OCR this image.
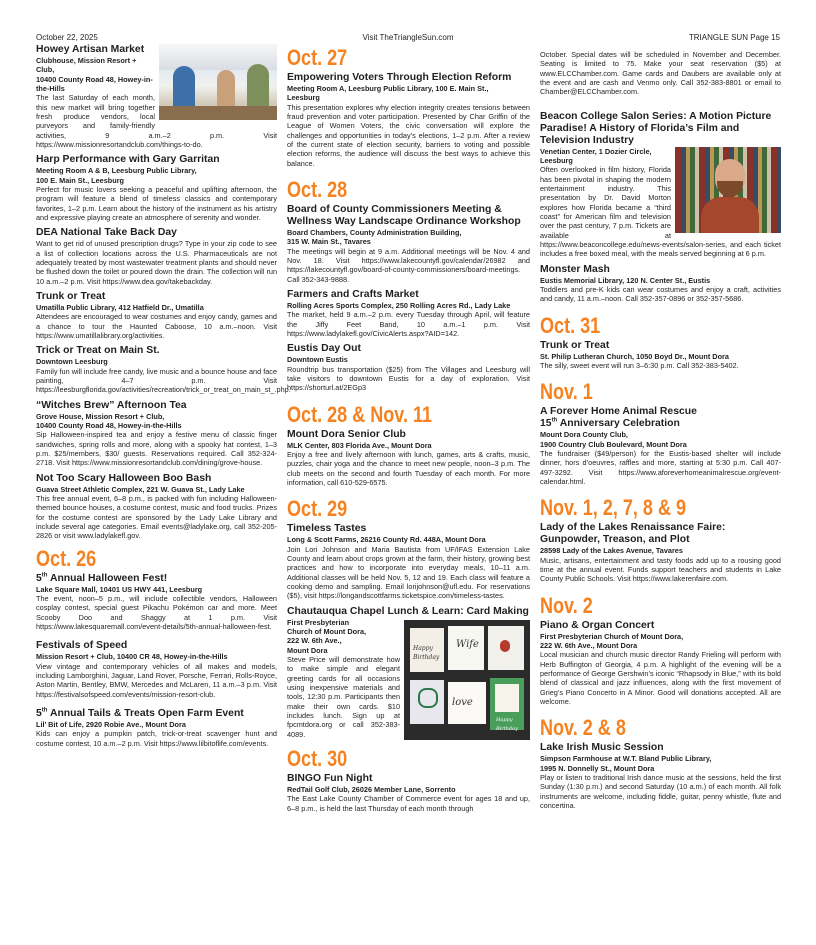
October 22, 2025	Visit TheTriangleSun.com	TRIANGLE SUN Page 15
Howey Artisan Market

Clubhouse, Mission Resort + Club,
10400 County Road 48, Howey-in-
the-Hills

The last Saturday of each month, this new market will bring together fresh produce vendors, local purveyors and family-friendly activities, 9 a.m.–2 p.m. Visit https://www.missionresortandclub.com/things-to-do.

Harp Performance with Gary Garritan

Meeting Room A & B, Leesburg Public Library,
100 E. Main St., Leesburg

Perfect for music lovers seeking a peaceful and uplifting afternoon, the program will feature a blend of timeless classics and contemporary favorites, 1–2 p.m. Learn about the history of the instrument as his artistry and expressive playing create an atmosphere of serenity and wonder.

DEA National Take Back Day

Want to get rid of unused prescription drugs? Type in your zip code to see a list of collection locations across the U.S. Pharmaceuticals are not adequately treated by most wastewater treatment plants and should never be flushed down the toilet or poured down the drain. The collection will run 10 a.m.–2 p.m. Visit https://www.dea.gov/takebackday.

Trunk or Treat

Umatilla Public Library, 412 Hatfield Dr., Umatilla

Attendees are encouraged to wear costumes and enjoy candy, games and a chance to tour the Haunted Caboose, 10 a.m.–noon. Visit https://www.umatillalibrary.org/activities.

Trick or Treat on Main St.

Downtown Leesburg

Family fun will include free candy, live music and a bounce house and face painting, 4–7 p.m. Visit https://leesburgflorida.gov/activities/recreation/trick_or_treat_on_main_st_.php.

“Witches Brew” Afternoon Tea

Grove House, Mission Resort + Club,
10400 County Road 48, Howey-in-the-Hills

Sip Halloween-inspired tea and enjoy a festive menu of classic finger sandwiches, spring rolls and more, along with a spooky hat contest, 1–3 p.m. $25/members, $30/ guests. Reservations required. Call 352-324-2718. Visit https://www.missionresortandclub.com/dining/grove-house.

Not Too Scary Halloween Boo Bash

Guava Street Athletic Complex, 221 W. Guava St., Lady Lake

This free annual event, 6–8 p.m., is packed with fun including Halloween-themed bounce houses, a costume contest, music and food trucks. Prizes for the costume contest are sponsored by the Lady Lake Library and include several age categories. Email events@ladylake.org, call 352-205-2826 or visit www.ladylakefl.gov.

Oct. 26
5th Annual Halloween Fest!

Lake Square Mall, 10401 US HWY 441, Leesburg

The event, noon–5 p.m., will include collectible vendors, Halloween cosplay contest, special guest Pikachu Pokémon car and more. Meet Scooby Doo and Shaggy at 1 p.m. Visit https://www.lakesquaremall.com/event-details/5th-annual-halloween-fest.

Festivals of Speed

Mission Resort + Club, 10400 CR 48, Howey-in-the-Hills

View vintage and contemporary vehicles of all makes and models, including Lamborghini, Jaguar, Land Rover, Porsche, Ferrari, Rolls-Royce, Aston Martin, Bentley, BMW, Mercedes and McLaren, 11 a.m.–3 p.m. Visit https://festivalsofspeed.com/events/mission-resort-club.

5th Annual Tails & Treats Open Farm Event

Lil’ Bit of Life, 2920 Robie Ave., Mount Dora

Kids can enjoy a pumpkin patch, trick-or-treat scavenger hunt and costume contest, 10 a.m.–2 p.m. Visit https://www.lilbitoflife.com/events.

Oct. 27
Empowering Voters Through Election Reform

Meeting Room A, Leesburg Public Library, 100 E. Main St.,
Leesburg

This presentation explores why election integrity creates tensions between fraud prevention and voter participation. Presented by Char Griffin of the League of Women Voters, the civic conversation will explore the challenges and opportunities in today’s elections, 1–2 p.m. After a review of the current state of election security, barriers to voting and possible election reforms, the audience will discuss the best ways to achieve this balance.

Oct. 28
Board of County Commissioners Meeting & Wellness Way Landscape Ordinance Workshop

Board Chambers, County Administration Building,
315 W. Main St., Tavares

The meetings will begin at 9 a.m. Additional meetings will be Nov. 4 and Nov. 18. Visit https://www.lakecountyfl.gov/calendar/26982 and https://lakecountyfl.gov/board-of-county-commissioners/board-meetings. Call 352-343-9888.

Farmers and Crafts Market

Rolling Acres Sports Complex, 250 Rolling Acres Rd., Lady Lake

The market, held 9 a.m.–2 p.m. every Tuesday through April, will feature the Jiffy Feet Band, 10 a.m.–1 p.m. Visit https://www.ladylakefl.gov/CivicAlerts.aspx?AID=142.

Eustis Day Out

Downtown Eustis

Roundtrip bus transportation ($25) from The Villages and Leesburg will take visitors to downtown Eustis for a day of exploration. Visit https://shorturl.at/2EGp3

Oct. 28 & Nov. 11
Mount Dora Senior Club

MLK Center, 803 Florida Ave., Mount Dora

Enjoy a free and lively afternoon with lunch, games, arts & crafts, music, puzzles, chair yoga and the chance to meet new people, noon–3 p.m. The club meets on the second and fourth Tuesday of each month. For more information, call 610-529-6575.

Oct. 29
Timeless Tastes

Long & Scott Farms, 26216 County Rd. 448A, Mount Dora

Join Lori Johnson and Maria Bautista from UF/IFAS Extension Lake County and learn about crops grown at the farm, their history, growing best practices and how to incorporate into everyday meals, 10–11 a.m. Additional classes will be held Nov. 5, 12 and 19. Each class will feature a cooking demo and sampling. Email lorijohnson@ufl.edu. For reservations ($5), visit https://longandscottfarms.ticketspice.com/timeless-tastes.

Chautauqua Chapel Lunch & Learn: Card Making
Happy Birthday
Wife
love
Happy Birthday

First Presbyterian
Church of Mount Dora,
222 W. 6th Ave.,
Mount Dora

Steve Price will demonstrate how to make simple and elegant greeting cards for all occasions using inexpensive materials and tools, 12:30 p.m. Participants then make their own cards. $10 includes lunch. Sign up at fpcmtdora.org or call 352-383-4089.

Oct. 30
BINGO Fun Night

RedTail Golf Club, 26026 Member Lane, Sorrento

The East Lake County Chamber of Commerce event for ages 18 and up, 6–8 p.m., is held the last Thursday of each month through

October. Special dates will be scheduled in November and December. Seating is limited to 75. Make your seat reservation ($5) at www.ELCChamber.com. Game cards and Daubers are available only at the event and are cash and Venmo only. Call 352-383-8801 or email to Chamber@ELCChamber.com.

Beacon College Salon Series: A Motion Picture Paradise! A History of Florida’s Film and Television Industry

Venetian Center, 1 Dozier Circle,
Leesburg

Often overlooked in film history, Florida has been pivotal in shaping the modern entertainment industry. This presentation by Dr. David Morton explores how Florida became a “third coast” for American film and television over the past century, 7 p.m. Tickets are available at https://www.beaconcollege.edu/news-events/salon-series, and each ticket includes a free boxed meal, with the meals served beginning at 6 p.m.

Monster Mash

Eustis Memorial Library, 120 N. Center St., Eustis

Toddlers and pre-K kids can wear costumes and enjoy a craft, activities and candy, 11 a.m.–noon. Call 352-357-0896 or 352-357-5686.

Oct. 31
Trunk or Treat

St. Philip Lutheran Church, 1050 Boyd Dr., Mount Dora

The silly, sweet event will run 3–6:30 p.m. Call 352-383-5402.

Nov. 1
A Forever Home Animal Rescue
15th Anniversary Celebration

Mount Dora County Club,
1900 Country Club Boulevard, Mount Dora

The fundraiser ($49/person) for the Eustis-based shelter will include dinner, hors d’oeuvres, raffles and more, starting at 5:30 p.m. Call 407-497-3292. Visit https://www.aforeverhomeanimalrescue.org/event-calendar.html.

Nov. 1, 2, 7, 8 & 9
Lady of the Lakes Renaissance Faire: Gunpowder, Treason, and Plot

28598 Lady of the Lakes Avenue, Tavares

Music, artisans, entertainment and tasty foods add up to a rousing good time at the annual event. Funds support teachers and students in Lake County Public Schools. Visit https://www.lakerenfaire.com.

Nov. 2
Piano & Organ Concert

First Presbyterian Church of Mount Dora,
222 W. 6th Ave., Mount Dora

Local musician and church music director Randy Frieling will perform with Herb Buffington of Georgia, 4 p.m. A highlight of the evening will be a performance of George Gershwin’s iconic “Rhapsody in Blue,” with its bold blend of classical and jazz influences, along with the first movement of Grieg’s Piano Concerto in A Minor. Good will donations accepted. All are welcome.

Nov. 2 & 8
Lake Irish Music Session

Simpson Farmhouse at W.T. Bland Public Library,
1995 N. Donnelly St., Mount Dora

Play or listen to traditional Irish dance music at the sessions, held the first Sunday (1:30 p.m.) and second Saturday (10 a.m.) of each month. All folk instruments are welcome, including fiddle, guitar, penny whistle, flute and concertina.
